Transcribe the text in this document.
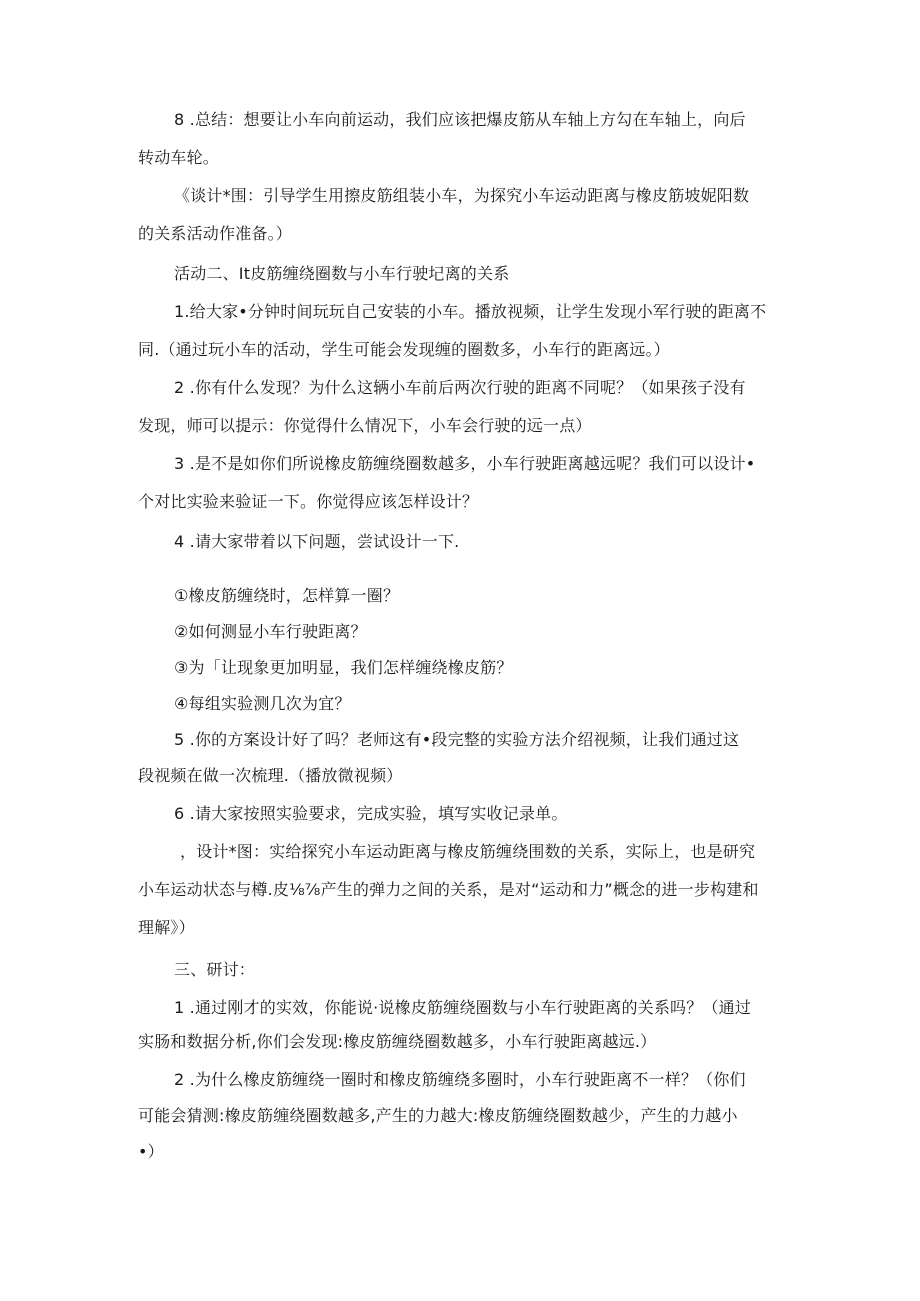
8 .总结：想要让小车向前运动，我们应该把爆皮筋从车轴上方勾在车轴上，向后
转动车轮。
《谈计*围：引导学生用擦皮筋组装小车，为探究小车运动距离与橡皮筋坡妮阳数
的关系活动作准备。）
活动二、It皮筋缠绕圈数与小车行驶圮离的关系
1.给大家•分钟时间玩玩自己安装的小车。播放视频，让学生发现小军行驶的距离不
同.（通过玩小车的活动，学生可能会发现缠的圈数多，小车行的距离远。）
2 .你有什么发现？为什么这辆小车前后两次行驶的距离不同呢？（如果孩子没有
发现，师可以提示：你觉得什么情况下，小车会行驶的远一点）
3 .是不是如你们所说橡皮筋缠绕圈数越多，小车行驶距离越远呢？我们可以设计•
个对比实验来验证一下。你觉得应该怎样设计？
4 .请大家带着以下问题，尝试设计一下.
①橡皮筋缠绕时，怎样算一圈？
②如何测显小车行驶距离？
③为「让现象更加明显，我们怎样缠绕橡皮筋？
④每组实验测几次为宜？
5 .你的方案设计好了吗？老师这有•段完整的实验方法介绍视频，让我们通过这
段视频在做一次梳理.（播放微视频）
6 .请大家按照实验要求，完成实验，填写实收记录单。
，设计*图：实给探究小车运动距离与橡皮筋缠绕围数的关系，实际上，也是研究
小车运动状态与樽.皮⅛⅞产生的弹力之间的关系，是对“运动和力”概念的进一步构建和
理解》）
三、研讨：
1 .通过刚才的实效，你能说·说橡皮筋缠绕圈数与小车行驶距离的关系吗？（通过
实肠和数据分析,你们会发现:橡皮筋缠绕圈数越多，小车行驶距离越远.）
2 .为什么橡皮筋缠绕一圈时和橡皮筋缠绕多圈时，小车行驶距离不一样？（你们
可能会猜测:橡皮筋缠绕圈数越多,产生的力越大:橡皮筋缠绕圈数越少，产生的力越小
•）
